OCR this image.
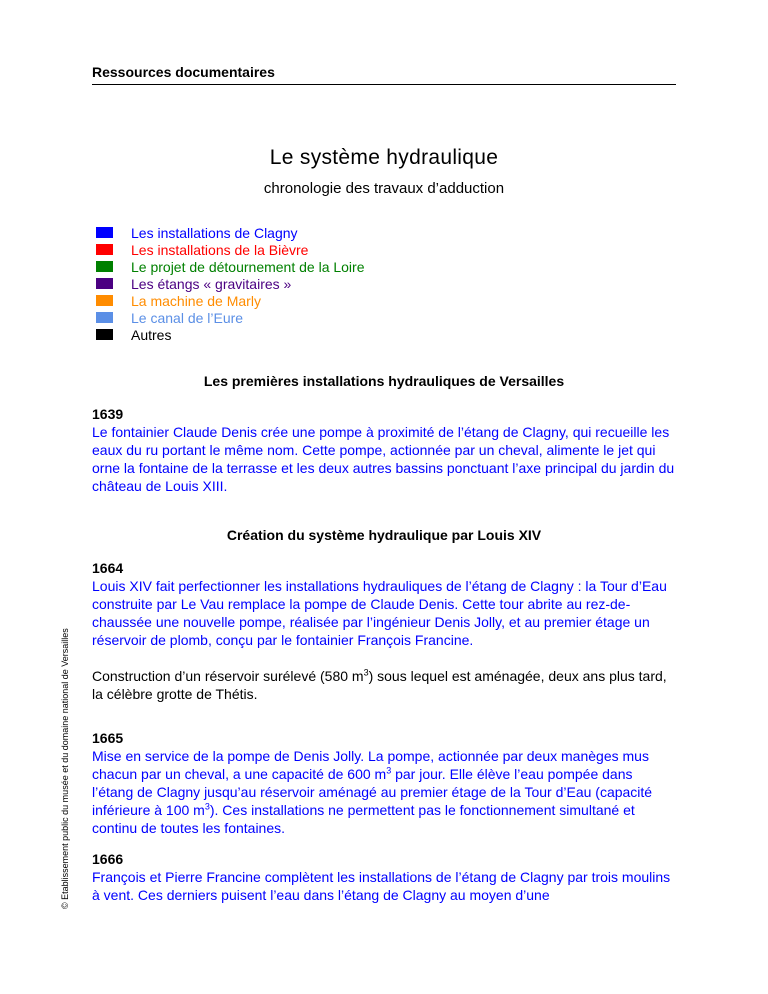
Ressources documentaires
© Etablissement public du musée et du domaine national de Versailles
Le système hydraulique
chronologie des travaux d’adduction
Les installations de Clagny
Les installations de la Bièvre
Le projet de détournement de la Loire
Les étangs « gravitaires »
La machine de Marly
Le canal de l’Eure
Autres
Les premières installations hydrauliques de Versailles
1639
Le fontainier Claude Denis crée une pompe à proximité de l’étang de Clagny, qui recueille les eaux du ru portant le même nom. Cette pompe, actionnée par un cheval, alimente le jet qui orne la fontaine de la terrasse et les deux autres bassins ponctuant l’axe principal du jardin du château de Louis XIII.
Création du système hydraulique par Louis XIV
1664
Louis XIV fait perfectionner les installations hydrauliques de l’étang de Clagny : la Tour d’Eau construite par Le Vau remplace la pompe de Claude Denis. Cette tour abrite au rez-de-chaussée une nouvelle pompe, réalisée par l’ingénieur Denis Jolly, et au premier étage un réservoir de plomb, conçu par le fontainier François Francine.
Construction d’un réservoir surélevé (580 $m^3$) sous lequel est aménagée, deux ans plus tard, la célèbre grotte de Thétis.
1665
Mise en service de la pompe de Denis Jolly. La pompe, actionnée par deux manèges mus chacun par un cheval, a une capacité de 600 $m^3$ par jour. Elle élève l’eau pompée dans l’étang de Clagny jusqu’au réservoir aménagé au premier étage de la Tour d’Eau (capacité inférieure à 100 $m^3$). Ces installations ne permettent pas le fonctionnement simultané et continu de toutes les fontaines.
1666
François et Pierre Francine complètent les installations de l’étang de Clagny par trois moulins à vent. Ces derniers puisent l’eau dans l’étang de Clagny au moyen d’une
